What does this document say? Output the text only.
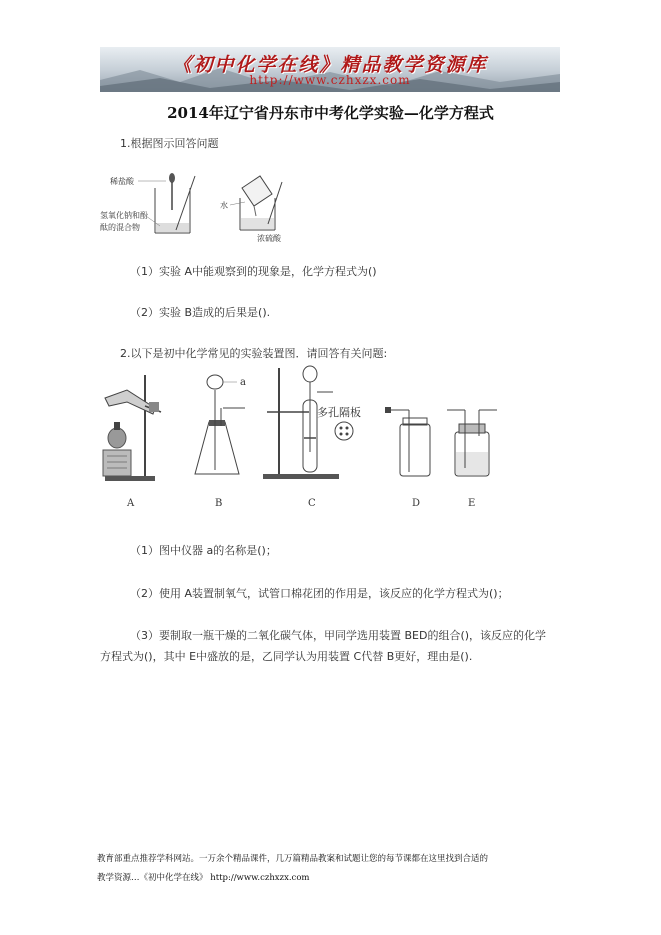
《初中化学在线》精品教学资源库
http://www.czhxzx.com
2014年辽宁省丹东市中考化学实验—化学方程式
1.根据图示回答问题
稀盐酸
氢氧化钠和酚
酞的混合物
水
浓硫酸
（1）实验 A中能观察到的现象是，化学方程式为()
（2）实验 B造成的后果是().
2.以下是初中化学常见的实验装置图．请回答有关问题:
A
a
B
多孔隔板
C	D	E
（1）图中仪器 a的名称是()；
（2）使用 A装置制氧气，试管口棉花团的作用是，该反应的化学方程式为()；
（3）要制取一瓶干燥的二氧化碳气体，甲同学选用装置 BED的组合()，该反应的化学
方程式为()，其中 E中盛放的是，乙同学认为用装置 C代替 B更好，理由是().
教育部重点推荐学科网站。一万余个精品课件，几万篇精品教案和试题让您的每节课都在这里找到合适的
教学资源…《初中化学在线》 http://www.czhxzx.com
